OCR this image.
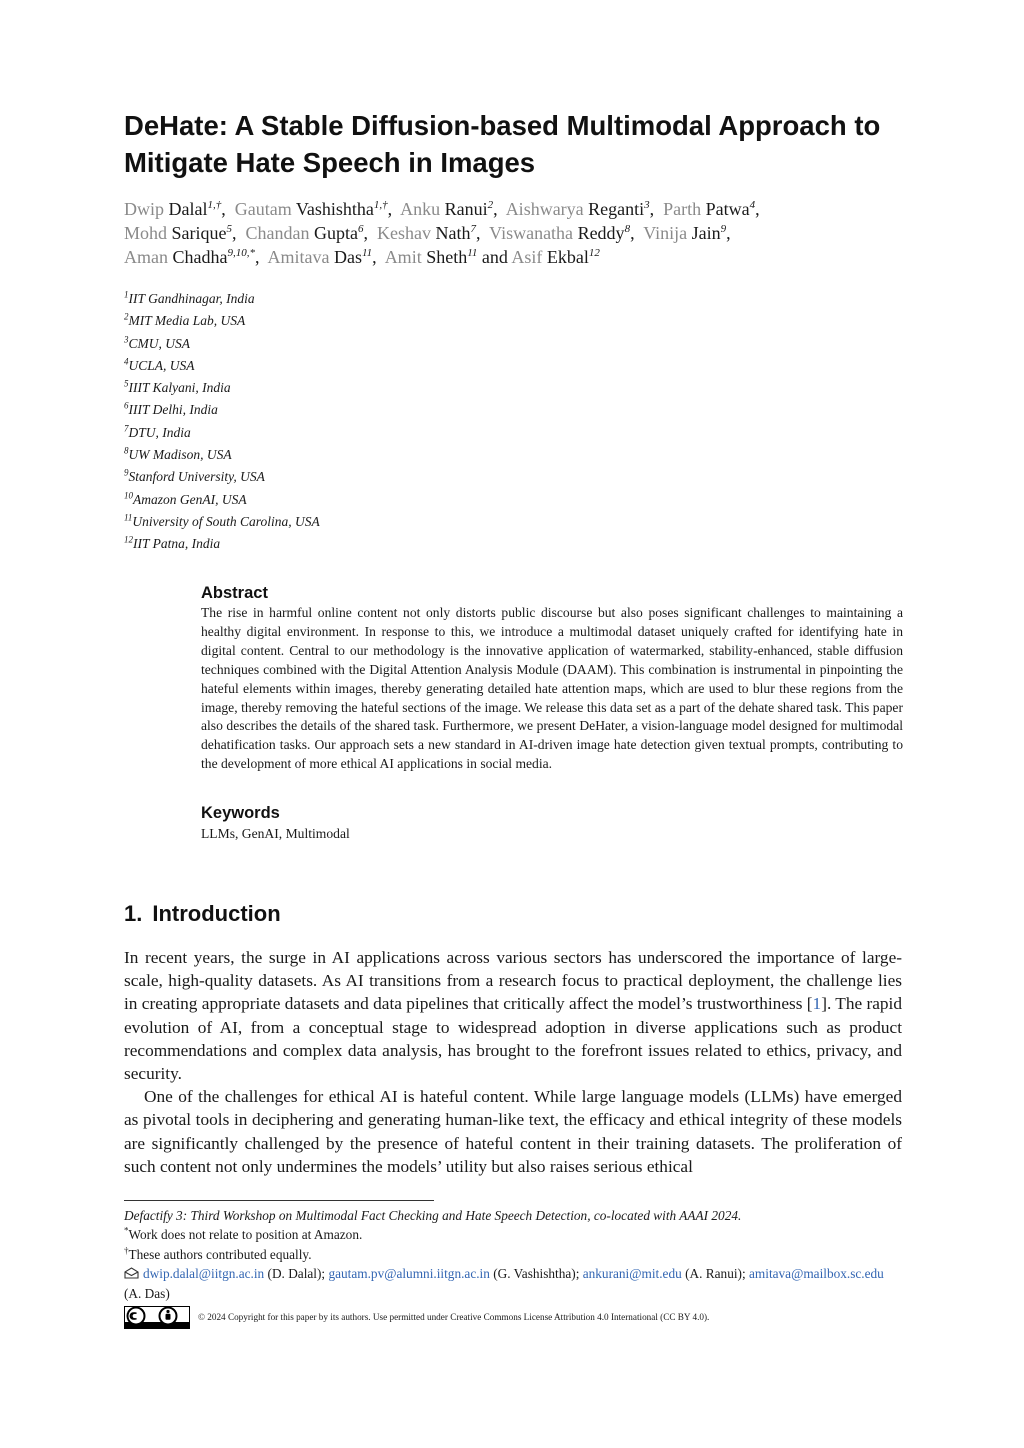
DeHate: A Stable Diffusion-based Multimodal Approach to Mitigate Hate Speech in Images
Dwip Dalal$^{1,\dagger}$, Gautam Vashishtha$^{1,\dagger}$, Anku Ranui$^2$, Aishwarya Reganti$^3$, Parth Patwa$^4$,
Mohd Sarique$^5$, Chandan Gupta$^6$, Keshav Nath$^7$, Viswanatha Reddy$^8$, Vinija Jain$^9$,
Aman Chadha$^{9,10,*}$, Amitava Das$^{11}$, Amit Sheth$^{11}$ and Asif Ekbal$^{12}$
$^1$IIT Gandhinagar, India
$^2$MIT Media Lab, USA
$^3$CMU, USA
$^4$UCLA, USA
$^5$IIIT Kalyani, India
$^6$IIIT Delhi, India
$^7$DTU, India
$^8$UW Madison, USA
$^9$Stanford University, USA
$^{10}$Amazon GenAI, USA
$^{11}$University of South Carolina, USA
$^{12}$IIT Patna, India
Abstract

The rise in harmful online content not only distorts public discourse but also poses significant challenges to maintaining a healthy digital environment. In response to this, we introduce a multimodal dataset uniquely crafted for identifying hate in digital content. Central to our methodology is the innovative application of watermarked, stability-enhanced, stable diffusion techniques combined with the Digital Attention Analysis Module (DAAM). This combination is instrumental in pinpointing the hateful elements within images, thereby generating detailed hate attention maps, which are used to blur these regions from the image, thereby removing the hateful sections of the image. We release this data set as a part of the dehate shared task. This paper also describes the details of the shared task. Furthermore, we present DeHater, a vision-language model designed for multimodal dehatification tasks. Our approach sets a new standard in AI-driven image hate detection given textual prompts, contributing to the development of more ethical AI applications in social media.

Keywords

LLMs, GenAI, Multimodal

1. Introduction

In recent years, the surge in AI applications across various sectors has underscored the importance of large-scale, high-quality datasets. As AI transitions from a research focus to practical deployment, the challenge lies in creating appropriate datasets and data pipelines that critically affect the model’s trustworthiness [1]. The rapid evolution of AI, from a conceptual stage to widespread adoption in diverse applications such as product recommendations and complex data analysis, has brought to the forefront issues related to ethics, privacy, and security.

One of the challenges for ethical AI is hateful content. While large language models (LLMs) have emerged as pivotal tools in deciphering and generating human-like text, the efficacy and ethical integrity of these models are significantly challenged by the presence of hateful content in their training datasets. The proliferation of such content not only undermines the models’ utility but also raises serious ethical

Defactify 3: Third Workshop on Multimodal Fact Checking and Hate Speech Detection, co-located with AAAI 2024.

*Work does not relate to position at Amazon.

†These authors contributed equally.

dwip.dalal@iitgn.ac.in (D. Dalal); gautam.pv@alumni.iitgn.ac.in (G. Vashishtha); ankurani@mit.edu (A. Ranui); amitava@mailbox.sc.edu (A. Das)

© 2024 Copyright for this paper by its authors. Use permitted under Creative Commons License Attribution 4.0 International (CC BY 4.0).
